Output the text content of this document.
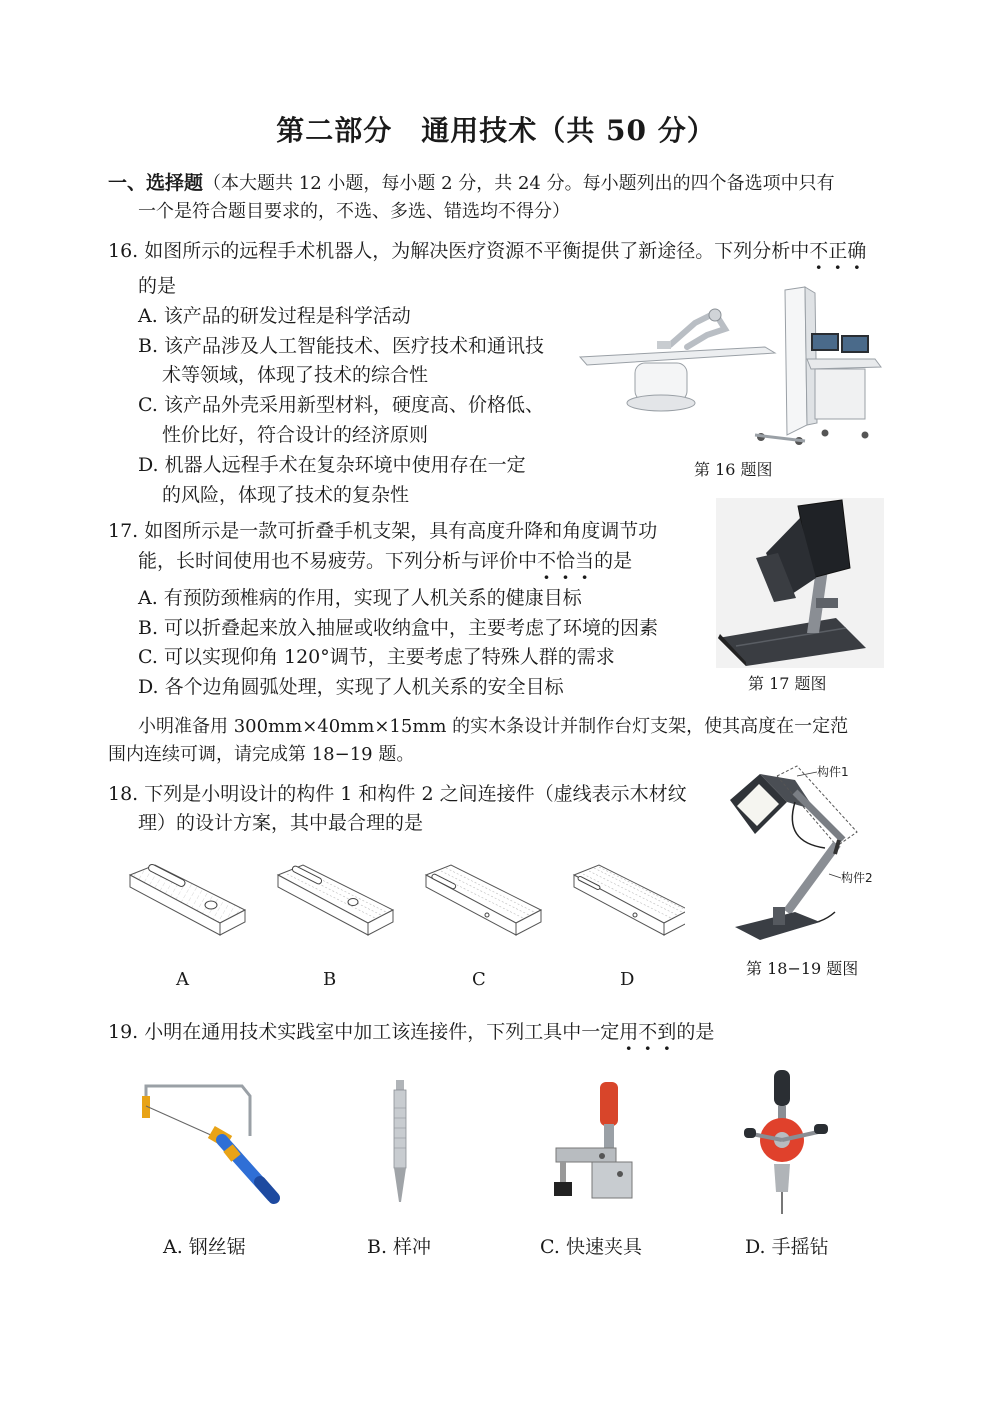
第二部分　通用技术（共 50 分）
一、选择题（本大题共 12 小题，每小题 2 分，共 24 分。每小题列出的四个备选项中只有
一个是符合题目要求的，不选、多选、错选均不得分）
16. 如图所示的远程手术机器人，为解决医疗资源不平衡提供了新途径。下列分析中不正确
的是
A. 该产品的研发过程是科学活动
B. 该产品涉及人工智能技术、医疗技术和通讯技
术等领域，体现了技术的综合性
C. 该产品外壳采用新型材料，硬度高、价格低、
性价比好，符合设计的经济原则
D. 机器人远程手术在复杂环境中使用存在一定
的风险，体现了技术的复杂性
第 16 题图
17. 如图所示是一款可折叠手机支架，具有高度升降和角度调节功
能，长时间使用也不易疲劳。下列分析与评价中不恰当的是
A. 有预防颈椎病的作用，实现了人机关系的健康目标
B. 可以折叠起来放入抽屉或收纳盒中，主要考虑了环境的因素
C. 可以实现仰角 120°调节，主要考虑了特殊人群的需求
D. 各个边角圆弧处理，实现了人机关系的安全目标	第 17 题图
小明准备用 300mm×40mm×15mm 的实木条设计并制作台灯支架，使其高度在一定范
围内连续可调，请完成第 18−19 题。
18. 下列是小明设计的构件 1 和构件 2 之间连接件（虚线表示木材纹
理）的设计方案，其中最合理的是
A	B	C	D
构件1
构件2
第 18−19 题图
19. 小明在通用技术实践室中加工该连接件，下列工具中一定用不到的是
A. 钢丝锯	B. 样冲	C. 快速夹具	D. 手摇钻
